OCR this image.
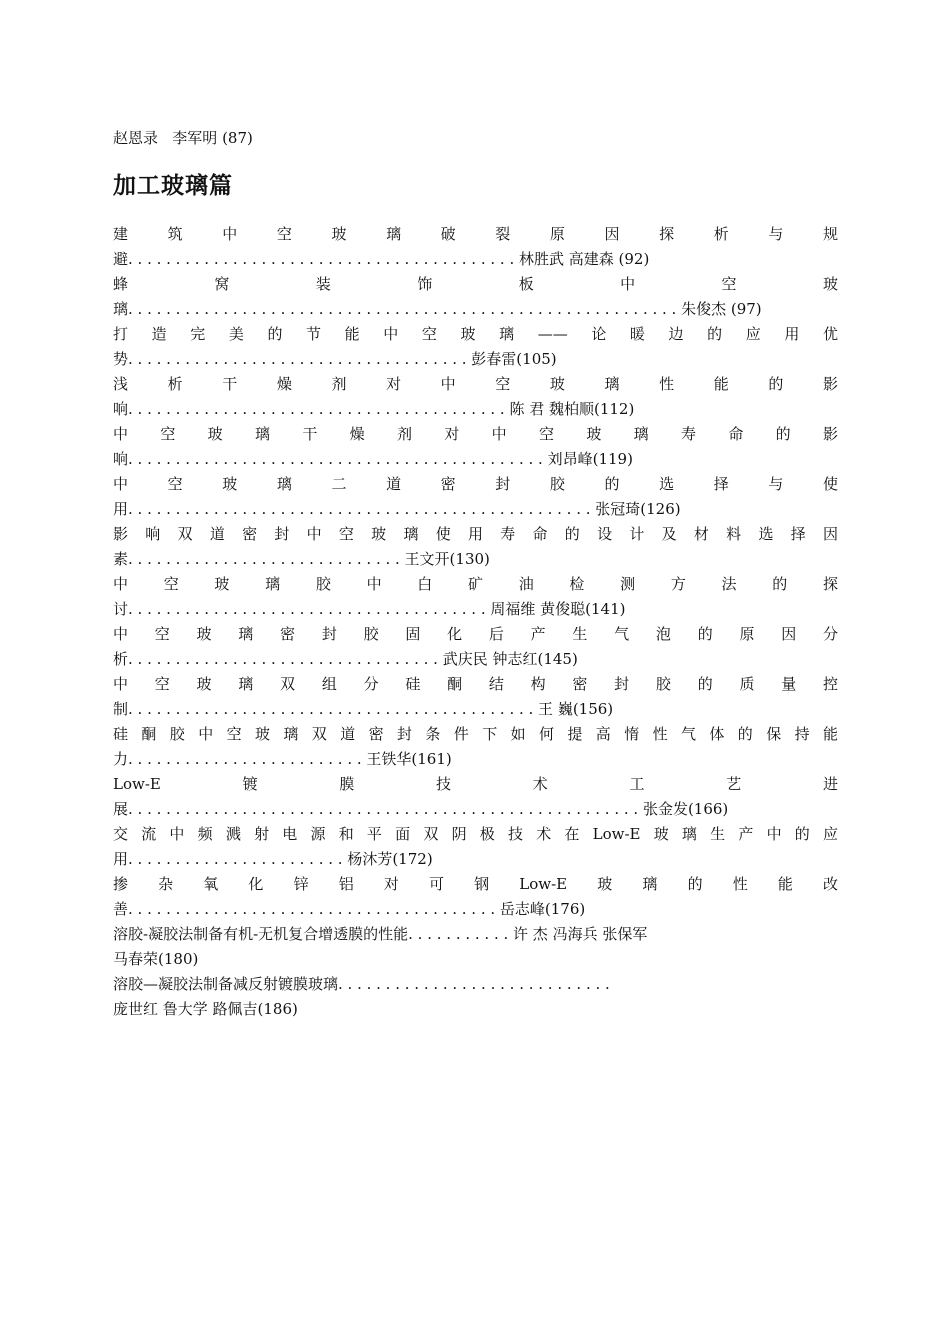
赵恩录   李军明 (87)
加工玻璃篇
建筑中空玻璃破裂原因探析与规
避. . . . . . . . . . . . . . . . . . . . . . . . . . . . . . . . . . . . . . . . . 林胜武 高建森 (92)
蜂窝装饰板中空玻
璃. . . . . . . . . . . . . . . . . . . . . . . . . . . . . . . . . . . . . . . . . . . . . . . . . . . . . . . . . . 朱俊杰 (97)
打造完美的节能中空玻璃——论暖边的应用优
势. . . . . . . . . . . . . . . . . . . . . . . . . . . . . . . . . . . . 彭春雷(105)
浅析干燥剂对中空玻璃性能的影
响. . . . . . . . . . . . . . . . . . . . . . . . . . . . . . . . . . . . . . . . 陈 君 魏柏顺(112)
中空玻璃干燥剂对中空玻璃寿命的影
响. . . . . . . . . . . . . . . . . . . . . . . . . . . . . . . . . . . . . . . . . . . . 刘昂峰(119)
中空玻璃二道密封胶的选择与使
用. . . . . . . . . . . . . . . . . . . . . . . . . . . . . . . . . . . . . . . . . . . . . . . . . 张冠琦(126)
影响双道密封中空玻璃使用寿命的设计及材料选择因
素. . . . . . . . . . . . . . . . . . . . . . . . . . . . . 王文开(130)
中空玻璃胶中白矿油检测方法的探
讨. . . . . . . . . . . . . . . . . . . . . . . . . . . . . . . . . . . . . . 周福维 黄俊聪(141)
中空玻璃密封胶固化后产生气泡的原因分
析. . . . . . . . . . . . . . . . . . . . . . . . . . . . . . . . . 武庆民 钟志红(145)
中空玻璃双组分硅酮结构密封胶的质量控
制. . . . . . . . . . . . . . . . . . . . . . . . . . . . . . . . . . . . . . . . . . . 王 巍(156)
硅酮胶中空玻璃双道密封条件下如何提高惰性气体的保持能
力. . . . . . . . . . . . . . . . . . . . . . . . . 王铁华(161)
Low-E镀膜技术工艺进
展. . . . . . . . . . . . . . . . . . . . . . . . . . . . . . . . . . . . . . . . . . . . . . . . . . . . . . 张金发(166)
交流中频溅射电源和平面双阴极技术在Low-E玻璃生产中的应
用. . . . . . . . . . . . . . . . . . . . . . . 杨沐芳(172)
掺杂氧化锌铝对可钢Low-E玻璃的性能改
善. . . . . . . . . . . . . . . . . . . . . . . . . . . . . . . . . . . . . . . 岳志峰(176)
溶胶-凝胶法制备有机-无机复合增透膜的性能. . . . . . . . . . . 许 杰 冯海兵 张保军
马春荣(180)
溶胶—凝胶法制备减反射镀膜玻璃. . . . . . . . . . . . . . . . . . . . . . . . . . . . .
庞世红 鲁大学 路佩吉(186)
